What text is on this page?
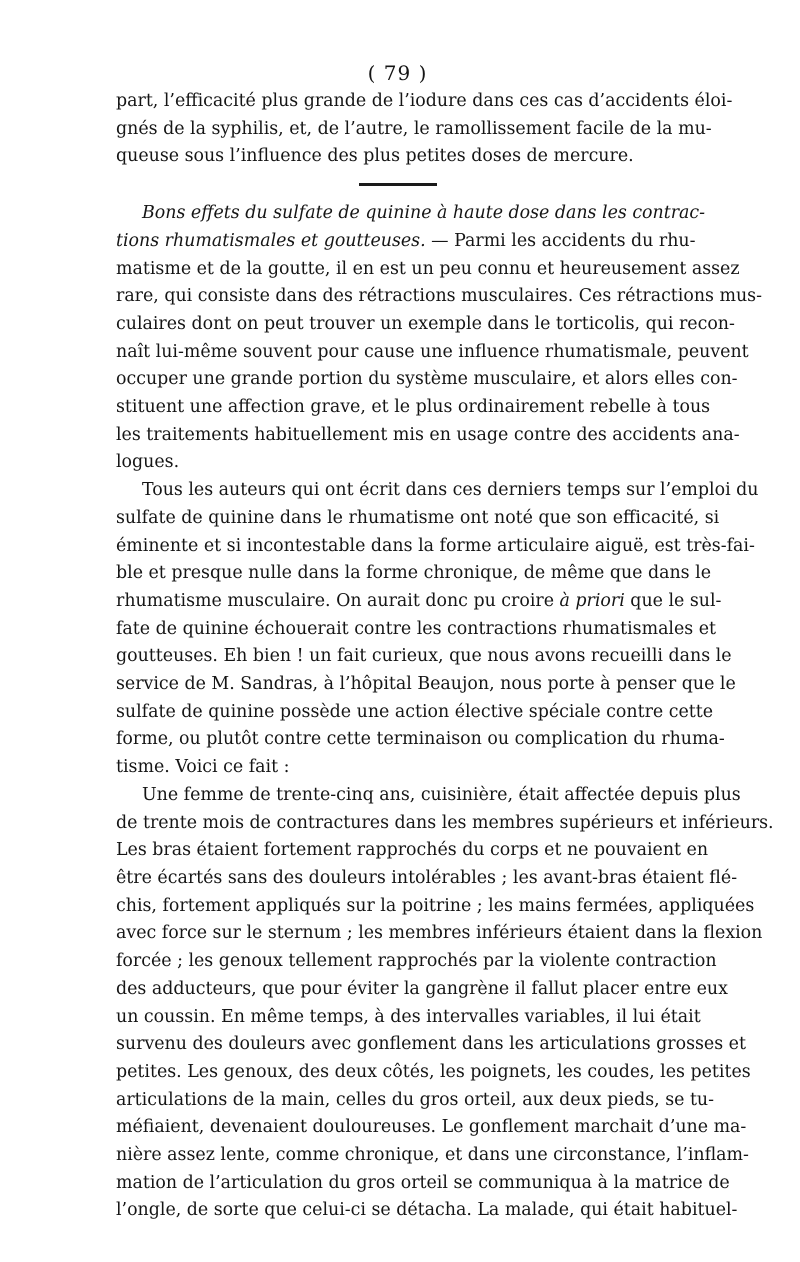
( 79 )

part, l’efficacité plus grande de l’iodure dans ces cas d’accidents éloi-
gnés de la syphilis, et, de l’autre, le ramollissement facile de la mu-
queuse sous l’influence des plus petites doses de mercure.

Bons effets du sulfate de quinine à haute dose dans les contrac-
tions rhumatismales et goutteuses. — Parmi les accidents du rhu-
matisme et de la goutte, il en est un peu connu et heureusement assez
rare, qui consiste dans des rétractions musculaires. Ces rétractions mus-
culaires dont on peut trouver un exemple dans le torticolis, qui recon-
naît lui-même souvent pour cause une influence rhumatismale, peuvent
occuper une grande portion du système musculaire, et alors elles con-
stituent une affection grave, et le plus ordinairement rebelle à tous
les traitements habituellement mis en usage contre des accidents ana-
logues.

Tous les auteurs qui ont écrit dans ces derniers temps sur l’emploi du
sulfate de quinine dans le rhumatisme ont noté que son efficacité, si
éminente et si incontestable dans la forme articulaire aiguë, est très-fai-
ble et presque nulle dans la forme chronique, de même que dans le
rhumatisme musculaire. On aurait donc pu croire à priori que le sul-
fate de quinine échouerait contre les contractions rhumatismales et
goutteuses. Eh bien ! un fait curieux, que nous avons recueilli dans le
service de M. Sandras, à l’hôpital Beaujon, nous porte à penser que le
sulfate de quinine possède une action élective spéciale contre cette
forme, ou plutôt contre cette terminaison ou complication du rhuma-
tisme. Voici ce fait :

Une femme de trente-cinq ans, cuisinière, était affectée depuis plus
de trente mois de contractures dans les membres supérieurs et inférieurs.
Les bras étaient fortement rapprochés du corps et ne pouvaient en
être écartés sans des douleurs intolérables ; les avant-bras étaient flé-
chis, fortement appliqués sur la poitrine ; les mains fermées, appliquées
avec force sur le sternum ; les membres inférieurs étaient dans la flexion
forcée ; les genoux tellement rapprochés par la violente contraction
des adducteurs, que pour éviter la gangrène il fallut placer entre eux
un coussin. En même temps, à des intervalles variables, il lui était
survenu des douleurs avec gonflement dans les articulations grosses et
petites. Les genoux, des deux côtés, les poignets, les coudes, les petites
articulations de la main, celles du gros orteil, aux deux pieds, se tu-
méfiaient, devenaient douloureuses. Le gonflement marchait d’une ma-
nière assez lente, comme chronique, et dans une circonstance, l’inflam-
mation de l’articulation du gros orteil se communiqua à la matrice de
l’ongle, de sorte que celui-ci se détacha. La malade, qui était habituel-
